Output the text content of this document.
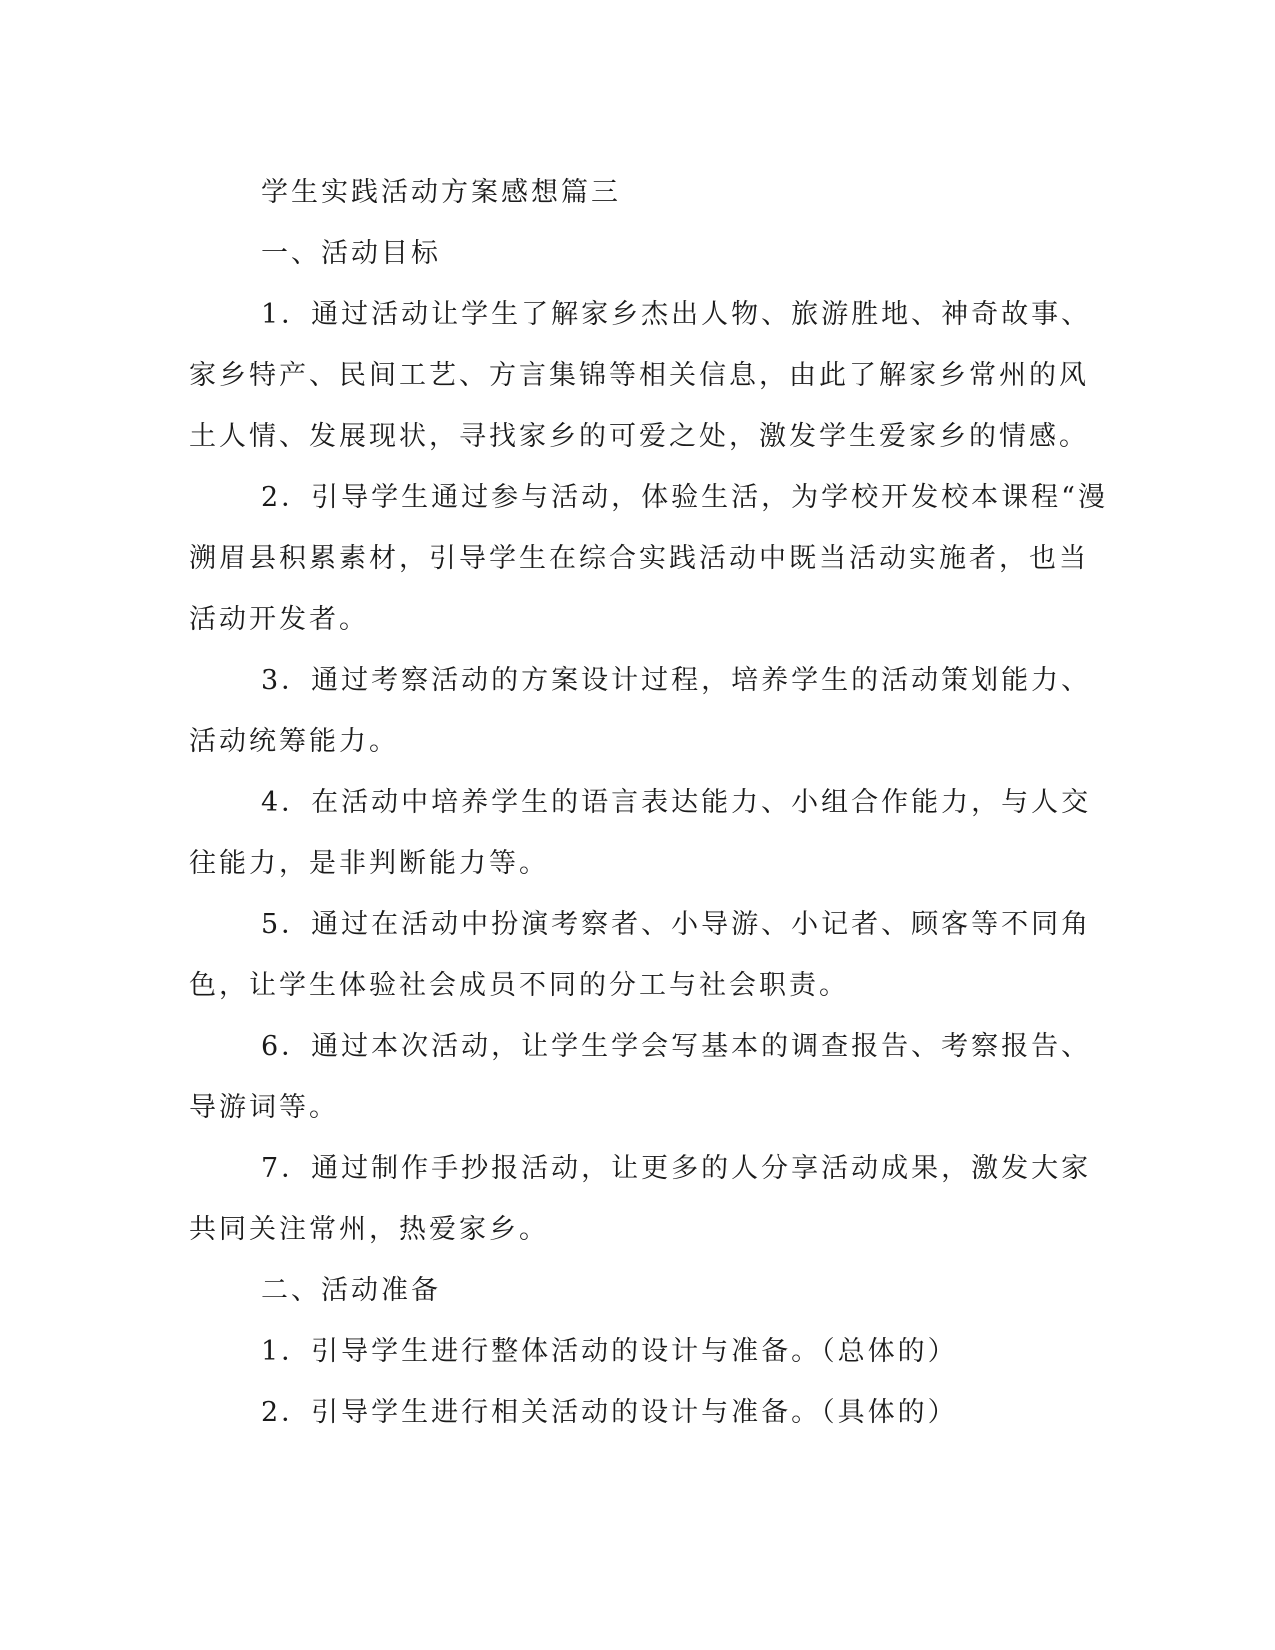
学生实践活动方案感想篇三
一、活动目标
1．通过活动让学生了解家乡杰出人物、旅游胜地、神奇故事、
家乡特产、民间工艺、方言集锦等相关信息，由此了解家乡常州的风
土人情、发展现状，寻找家乡的可爱之处，激发学生爱家乡的情感。
2．引导学生通过参与活动，体验生活，为学校开发校本课程“漫
溯眉县积累素材，引导学生在综合实践活动中既当活动实施者，也当
活动开发者。
3．通过考察活动的方案设计过程，培养学生的活动策划能力、
活动统筹能力。
4．在活动中培养学生的语言表达能力、小组合作能力，与人交
往能力，是非判断能力等。
5．通过在活动中扮演考察者、小导游、小记者、顾客等不同角
色，让学生体验社会成员不同的分工与社会职责。
6．通过本次活动，让学生学会写基本的调查报告、考察报告、
导游词等。
7．通过制作手抄报活动，让更多的人分享活动成果，激发大家
共同关注常州，热爱家乡。
二、活动准备
1．引导学生进行整体活动的设计与准备。（总体的）
2．引导学生进行相关活动的设计与准备。（具体的）
